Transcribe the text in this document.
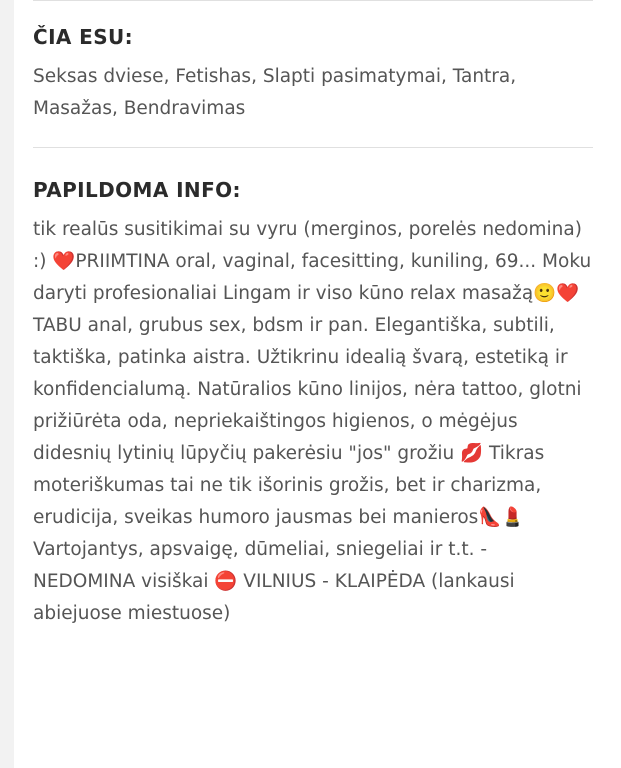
ČIA ESU:

Seksas dviese, Fetishas, Slapti pasimatymai, Tantra, Masažas, Bendravimas

PAPILDOMA INFO:

tik realūs susitikimai su vyru (merginos, porelės nedomina) :) ❤️PRIIMTINA oral, vaginal, facesitting, kuniling, 69... Moku daryti profesionaliai Lingam ir viso kūno relax masažą🙂❤️ TABU anal, grubus sex, bdsm ir pan. Elegantiška, subtili, taktiška, patinka aistra. Užtikrinu idealią švarą, estetiką ir konfidencialumą. Natūralios kūno linijos, nėra tattoo, glotni prižiūrėta oda, nepriekaištingos higienos, o mėgėjus didesnių lytinių lūpyčių pakerėsiu "jos" grožiu 💋 Tikras moteriškumas tai ne tik išorinis grožis, bet ir charizma, erudicija, sveikas humoro jausmas bei manieros👠💄 Vartojantys, apsvaigę, dūmeliai, sniegeliai ir t.t. - NEDOMINA visiškai ⛔ VILNIUS - KLAIPĖDA (lankausi abiejuose miestuose)
